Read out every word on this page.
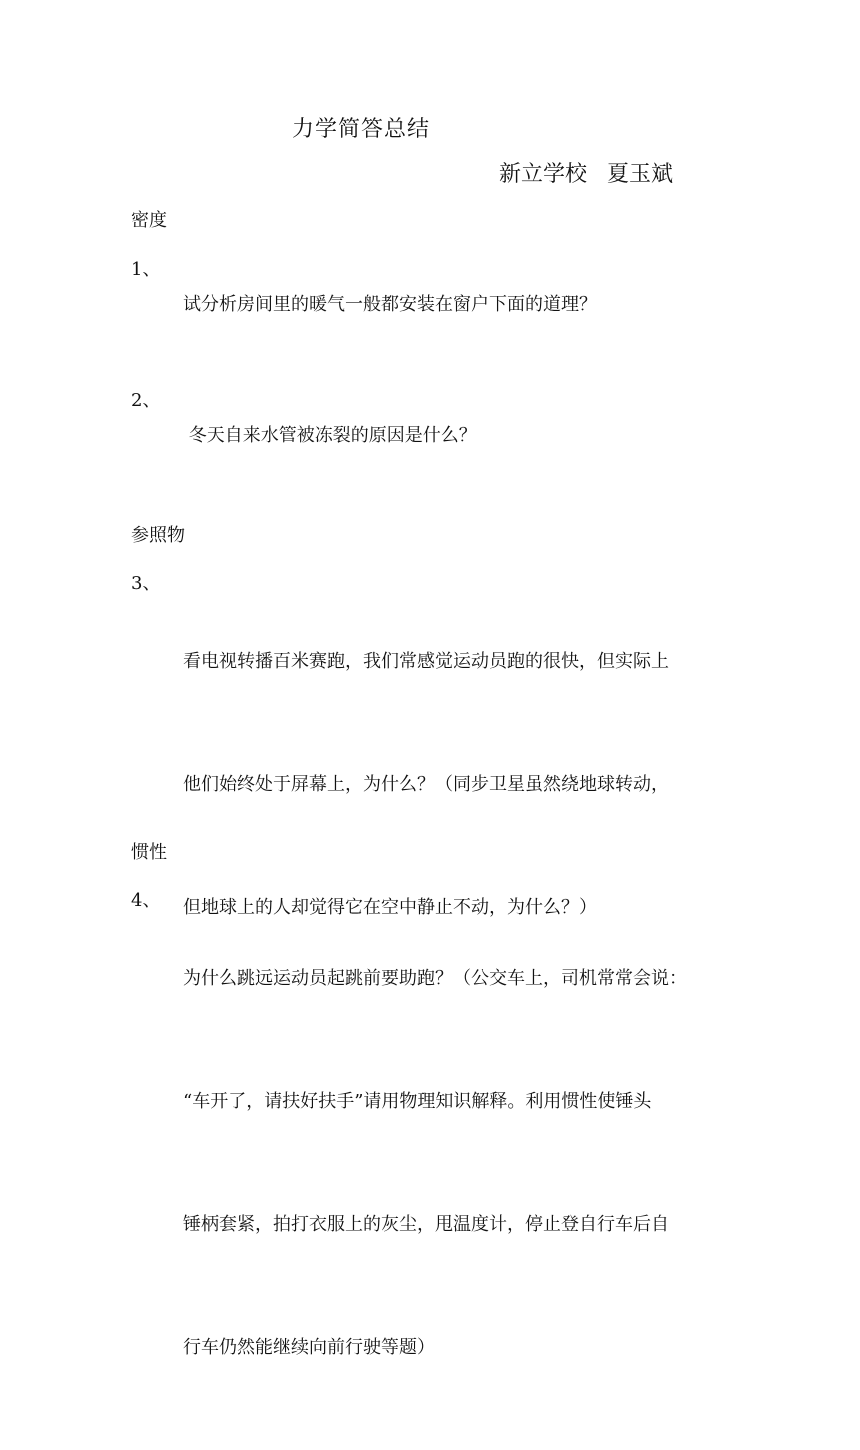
力学简答总结
新立学校 夏玉斌
密度
1、

试分析房间里的暖气一般都安装在窗户下面的道理？

2、

冬天自来水管被冻裂的原因是什么？

参照物
3、

看电视转播百米赛跑，我们常感觉运动员跑的很快，但实际上

他们始终处于屏幕上，为什么？（同步卫星虽然绕地球转动，

但地球上的人却觉得它在空中静止不动，为什么？）

惯性
4、

为什么跳远运动员起跳前要助跑？（公交车上，司机常常会说：

“车开了，请扶好扶手”请用物理知识解释。利用惯性使锤头

锤柄套紧，拍打衣服上的灰尘，甩温度计，停止登自行车后自

行车仍然能继续向前行驶等题）
